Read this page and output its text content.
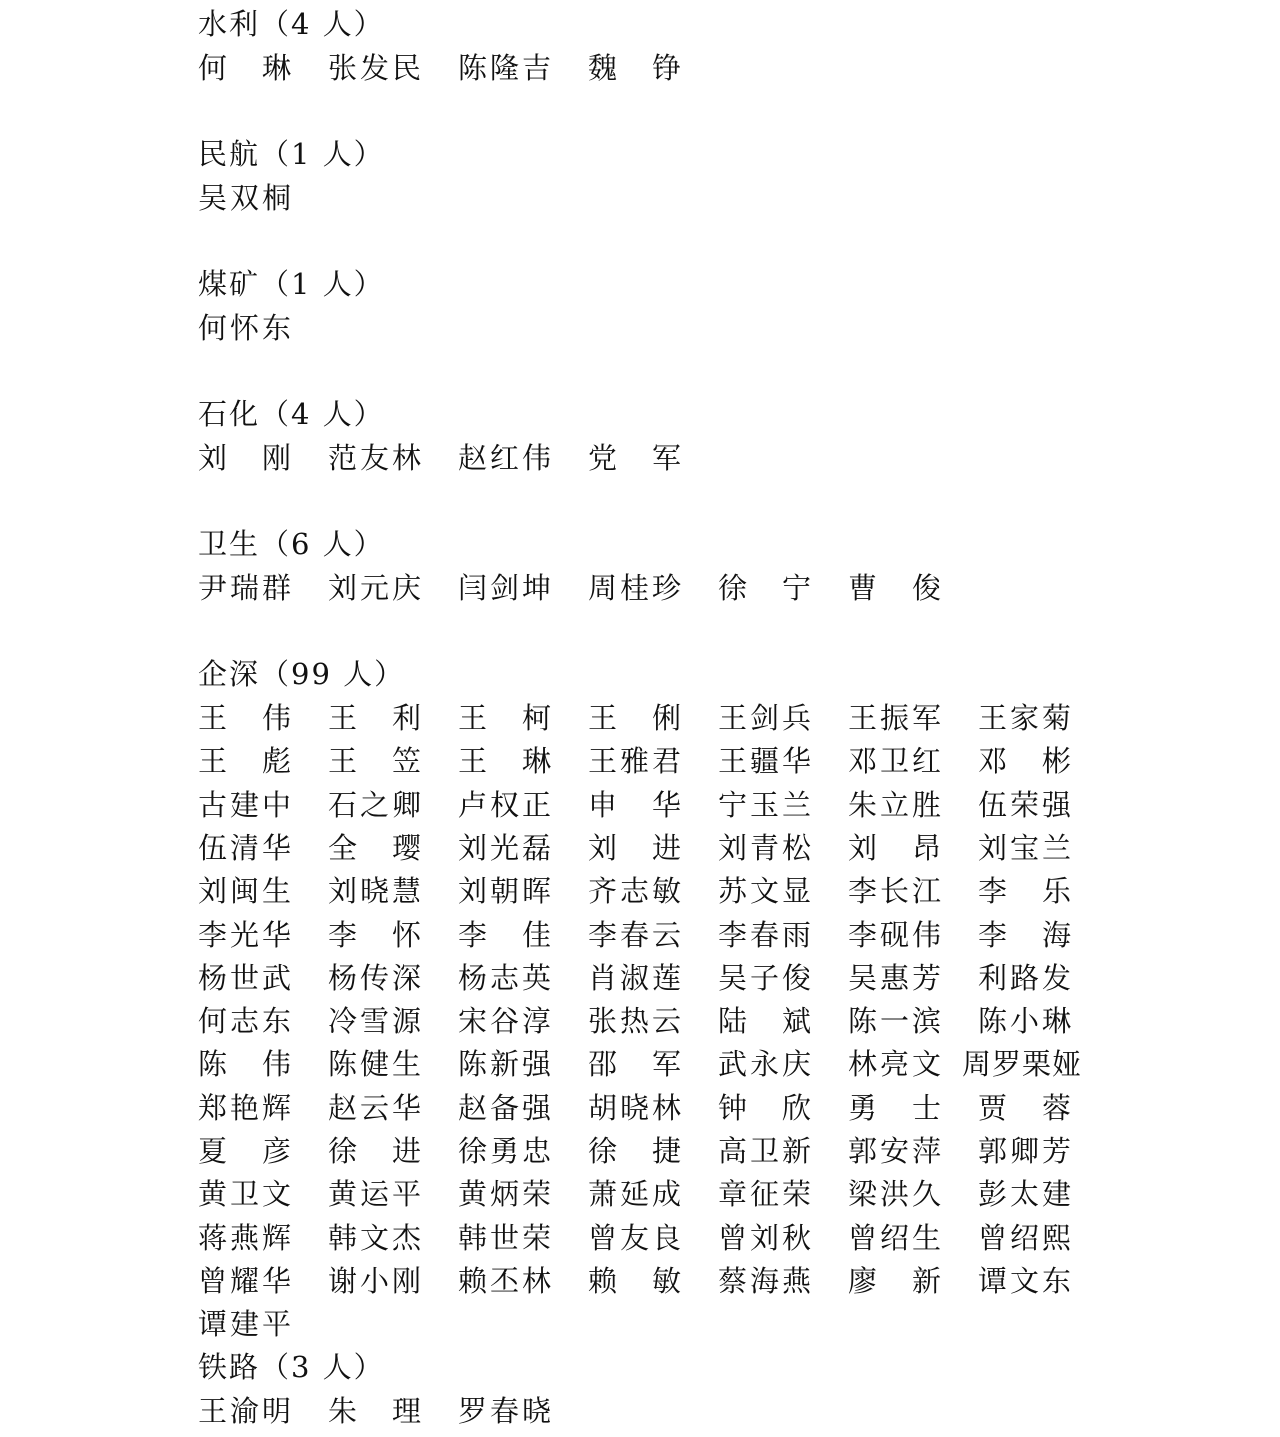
水利（4 人）
何　琳 张发民 陈隆吉 魏　铮
民航（1 人）
吴双桐
煤矿（1 人）
何怀东
石化（4 人）
刘　刚 范友林 赵红伟 党　军
卫生（6 人）
尹瑞群 刘元庆 闫剑坤 周桂珍 徐　宁 曹　俊
企深（99 人）
王　伟 王　利 王　柯 王　俐 王剑兵 王振军 王家菊
王　彪 王　笠 王　琳 王雅君 王疆华 邓卫红 邓　彬
古建中 石之卿 卢权正 申　华 宁玉兰 朱立胜 伍荣强
伍清华 全　璎 刘光磊 刘　进 刘青松 刘　昂 刘宝兰
刘闽生 刘晓慧 刘朝晖 齐志敏 苏文显 李长江 李　乐
李光华 李　怀 李　佳 李春云 李春雨 李砚伟 李　海
杨世武 杨传深 杨志英 肖淑莲 吴子俊 吴惠芳 利路发
何志东 冷雪源 宋谷淳 张热云 陆　斌 陈一滨 陈小琳
陈　伟 陈健生 陈新强 邵　军 武永庆 林亮文 周罗栗娅
郑艳辉 赵云华 赵备强 胡晓林 钟　欣 勇　士 贾　蓉
夏　彦 徐　进 徐勇忠 徐　捷 高卫新 郭安萍 郭卿芳
黄卫文 黄运平 黄炳荣 萧延成 章征荣 梁洪久 彭太建
蒋燕辉 韩文杰 韩世荣 曾友良 曾刘秋 曾绍生 曾绍熙
曾耀华 谢小刚 赖丕林 赖　敏 蔡海燕 廖　新 谭文东
谭建平
铁路（3 人）
王渝明 朱　理 罗春晓
